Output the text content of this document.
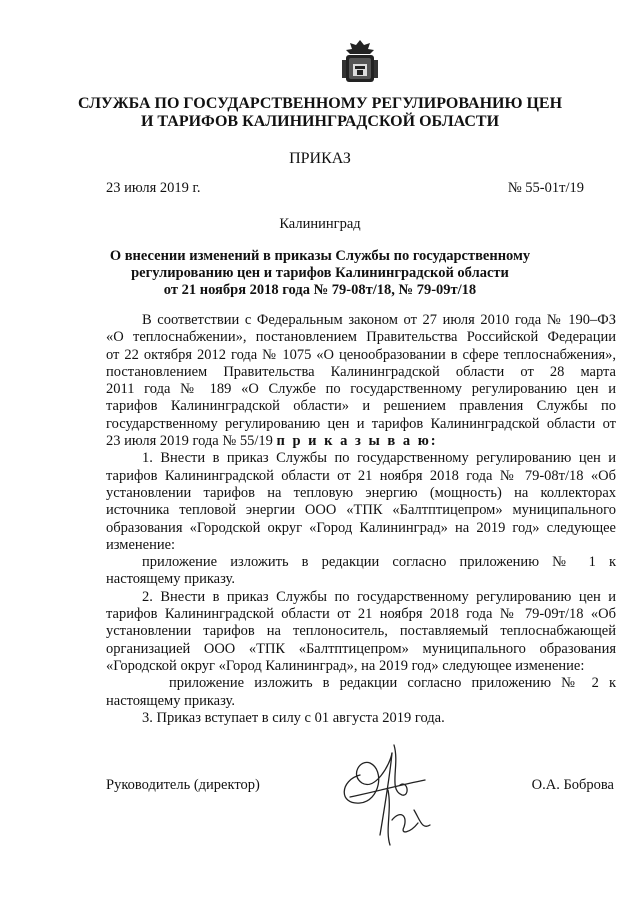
СЛУЖБА ПО ГОСУДАРСТВЕННОМУ РЕГУЛИРОВАНИЮ ЦЕН
И ТАРИФОВ КАЛИНИНГРАДСКОЙ ОБЛАСТИ
ПРИКАЗ
23 июля 2019 г.	№ 55-01т/19
Калининград
О внесении изменений в приказы Службы по государственному
регулированию цен и тарифов Калининградской области
от 21 ноября 2018 года № 79-08т/18, № 79-09т/18
В соответствии с Федеральным законом от 27 июля 2010 года № 190–ФЗ
«О теплоснабжении», постановлением Правительства Российской Федерации
от 22 октября 2012 года № 1075 «О ценообразовании в сфере теплоснабжения»,
постановлением Правительства Калининградской области от 28 марта
2011 года № 189 «О Службе по государственному регулированию цен и
тарифов Калининградской области» и решением правления Службы по
государственному регулированию цен и тарифов Калининградской области от
23 июля 2019 года № 55/19 п р и к а з ы в а ю:
1. Внести в приказ Службы по государственному регулированию цен и
тарифов Калининградской области от 21 ноября 2018 года № 79-08т/18 «Об
установлении тарифов на тепловую энергию (мощность) на коллекторах
источника тепловой энергии ООО «ТПК «Балтптицепром» муниципального
образования «Городской округ «Город Калининград» на 2019 год» следующее
изменение:
приложение изложить в редакции согласно приложению № 1 к
настоящему приказу.
2. Внести в приказ Службы по государственному регулированию цен и
тарифов Калининградской области от 21 ноября 2018 года № 79-09т/18 «Об
установлении тарифов на теплоноситель, поставляемый теплоснабжающей
организацией ООО «ТПК «Балтптицепром» муниципального образования
«Городской округ «Город Калининград», на 2019 год» следующее изменение:
приложение изложить в редакции согласно приложению № 2 к
настоящему приказу.
3. Приказ вступает в силу с 01 августа 2019 года.
Руководитель (директор)	О.А. Боброва
